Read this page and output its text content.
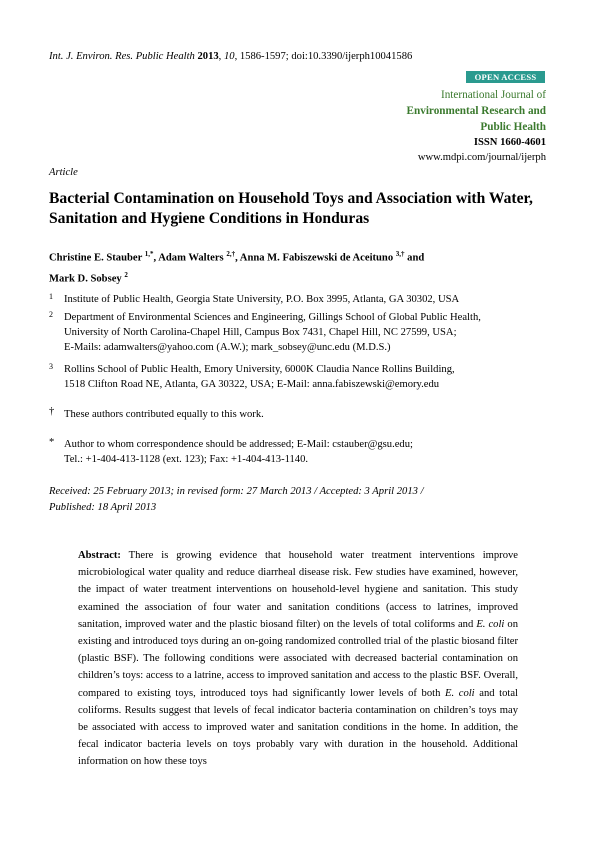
Int. J. Environ. Res. Public Health 2013, 10, 1586-1597; doi:10.3390/ijerph10041586
OPEN ACCESS
International Journal of
Environmental Research and
Public Health
ISSN 1660-4601
www.mdpi.com/journal/ijerph
Article
Bacterial Contamination on Household Toys and Association with Water, Sanitation and Hygiene Conditions in Honduras
Christine E. Stauber $^{1,*}$, Adam Walters $^{2,\dagger}$, Anna M. Fabiszewski de Aceituno $^{3,\dagger}$ and
Mark D. Sobsey $^2$
1 Institute of Public Health, Georgia State University, P.O. Box 3995, Atlanta, GA 30302, USA
2 Department of Environmental Sciences and Engineering, Gillings School of Global Public Health,
University of North Carolina-Chapel Hill, Campus Box 7431, Chapel Hill, NC 27599, USA;
E-Mails: adamwalters@yahoo.com (A.W.); mark_sobsey@unc.edu (M.D.S.)
3 Rollins School of Public Health, Emory University, 6000K Claudia Nance Rollins Building,
1518 Clifton Road NE, Atlanta, GA 30322, USA; E-Mail: anna.fabiszewski@emory.edu
† These authors contributed equally to this work.
* Author to whom correspondence should be addressed; E-Mail: cstauber@gsu.edu;
Tel.: +1-404-413-1128 (ext. 123); Fax: +1-404-413-1140.
Received: 25 February 2013; in revised form: 27 March 2013 / Accepted: 3 April 2013 /
Published: 18 April 2013
Abstract: There is growing evidence that household water treatment interventions improve microbiological water quality and reduce diarrheal disease risk. Few studies have examined, however, the impact of water treatment interventions on household-level hygiene and sanitation. This study examined the association of four water and sanitation conditions (access to latrines, improved sanitation, improved water and the plastic biosand filter) on the levels of total coliforms and E. coli on existing and introduced toys during an on-going randomized controlled trial of the plastic biosand filter (plastic BSF). The following conditions were associated with decreased bacterial contamination on children’s toys: access to a latrine, access to improved sanitation and access to the plastic BSF. Overall, compared to existing toys, introduced toys had significantly lower levels of both E. coli and total coliforms. Results suggest that levels of fecal indicator bacteria contamination on children’s toys may be associated with access to improved water and sanitation conditions in the home. In addition, the fecal indicator bacteria levels on toys probably vary with duration in the household. Additional information on how these toys
